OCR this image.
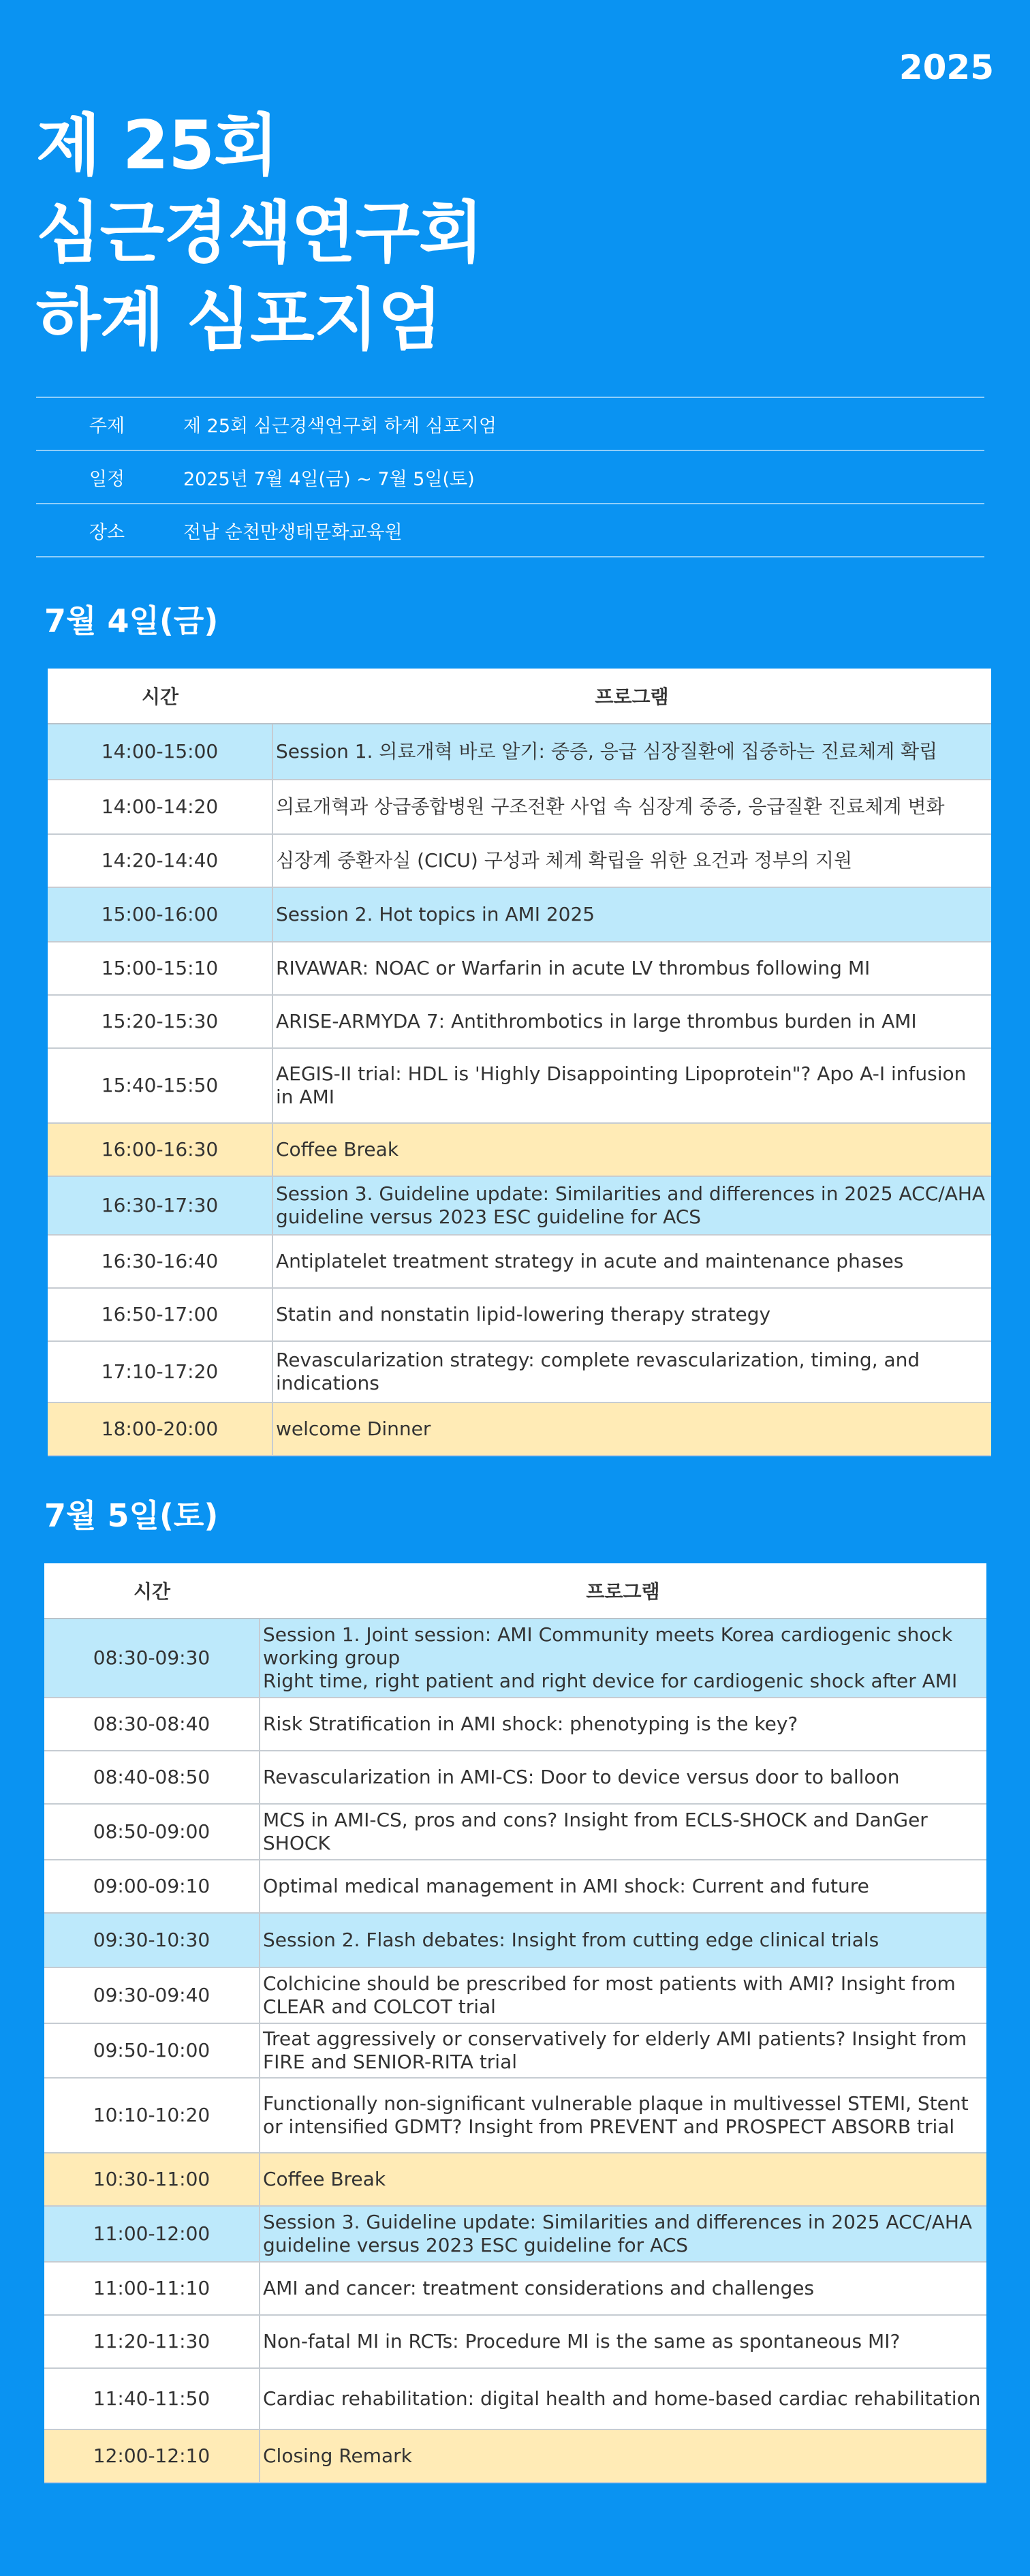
2025
제 25회
심근경색연구회
하계 심포지엄
주제	제 25회 심근경색연구회 하계 심포지엄
일정	2025년 7월 4일(금) ~ 7월 5일(토)
장소	전남 순천만생태문화교육원
7월 4일(금)
시간	프로그램
14:00-15:00	Session 1. 의료개혁 바로 알기: 중증, 응급 심장질환에 집중하는 진료체계 확립
14:00-14:20	의료개혁과 상급종합병원 구조전환 사업 속 심장계 중증, 응급질환 진료체계 변화
14:20-14:40	심장계 중환자실 (CICU) 구성과 체계 확립을 위한 요건과 정부의 지원
15:00-16:00	Session 2. Hot topics in AMI 2025
15:00-15:10	RIVAWAR: NOAC or Warfarin in acute LV thrombus following MI
15:20-15:30	ARISE-ARMYDA 7: Antithrombotics in large thrombus burden in AMI
15:40-15:50	AEGIS-II trial: HDL is 'Highly Disappointing Lipoprotein"? Apo A-I infusion in AMI
16:00-16:30	Coffee Break
16:30-17:30	Session 3. Guideline update: Similarities and differences in 2025 ACC/AHA guideline versus 2023 ESC guideline for ACS
16:30-16:40	Antiplatelet treatment strategy in acute and maintenance phases
16:50-17:00	Statin and nonstatin lipid-lowering therapy strategy
17:10-17:20	Revascularization strategy: complete revascularization, timing, and indications
18:00-20:00	welcome Dinner
7월 5일(토)
시간	프로그램
08:30-09:30	Session 1. Joint session: AMI Community meets Korea cardiogenic shock working group
Right time, right patient and right device for cardiogenic shock after AMI
08:30-08:40	Risk Stratification in AMI shock: phenotyping is the key?
08:40-08:50	Revascularization in AMI-CS: Door to device versus door to balloon
08:50-09:00	MCS in AMI-CS, pros and cons? Insight from ECLS-SHOCK and DanGer SHOCK
09:00-09:10	Optimal medical management in AMI shock: Current and future
09:30-10:30	Session 2. Flash debates: Insight from cutting edge clinical trials
09:30-09:40	Colchicine should be prescribed for most patients with AMI? Insight from CLEAR and COLCOT trial
09:50-10:00	Treat aggressively or conservatively for elderly AMI patients? Insight from FIRE and SENIOR-RITA trial
10:10-10:20	Functionally non-significant vulnerable plaque in multivessel STEMI, Stent or intensified GDMT? Insight from PREVENT and PROSPECT ABSORB trial
10:30-11:00	Coffee Break
11:00-12:00	Session 3. Guideline update: Similarities and differences in 2025 ACC/AHA guideline versus 2023 ESC guideline for ACS
11:00-11:10	AMI and cancer: treatment considerations and challenges
11:20-11:30	Non-fatal MI in RCTs: Procedure MI is the same as spontaneous MI?
11:40-11:50	Cardiac rehabilitation: digital health and home-based cardiac rehabilitation
12:00-12:10	Closing Remark
